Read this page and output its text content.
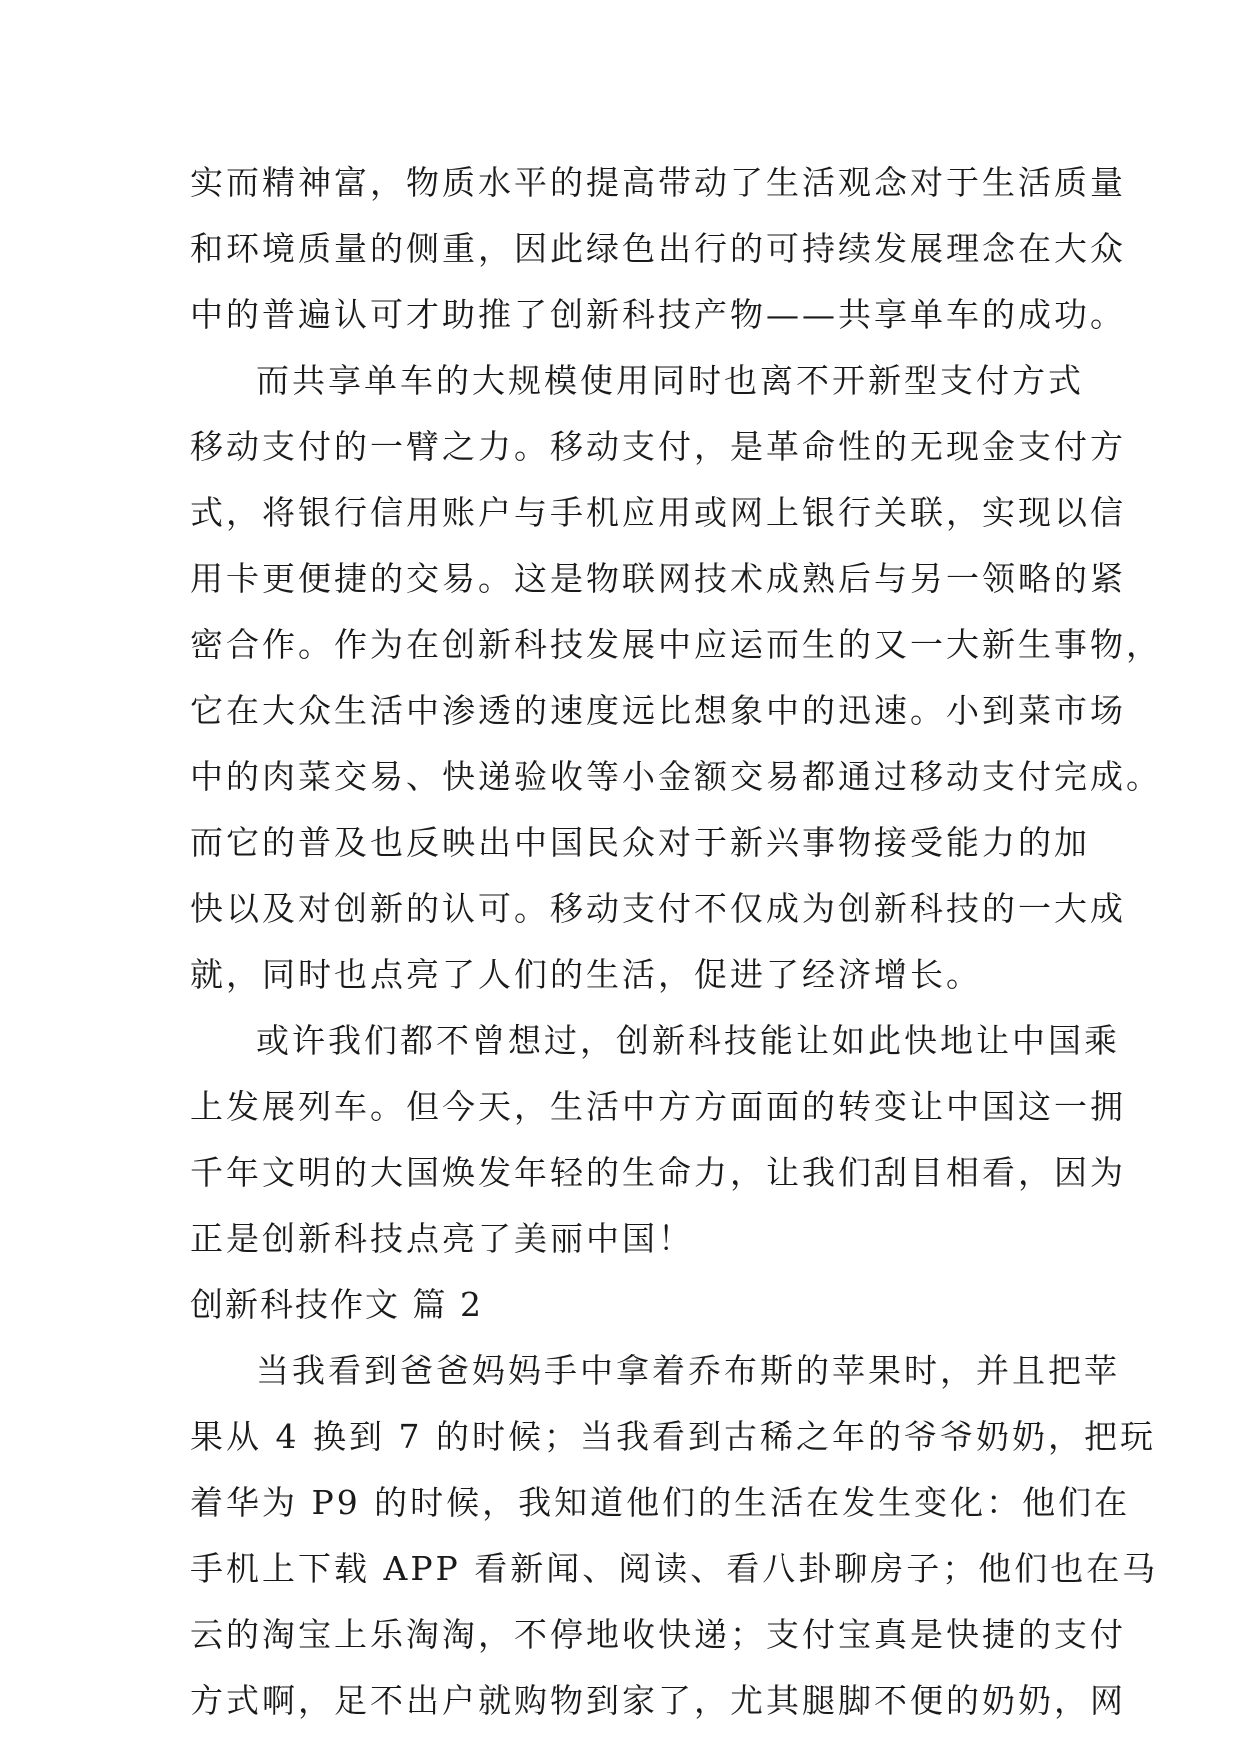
实而精神富，物质水平的提高带动了生活观念对于生活质量
和环境质量的侧重，因此绿色出行的可持续发展理念在大众
中的普遍认可才助推了创新科技产物——共享单车的成功。
而共享单车的大规模使用同时也离不开新型支付方式
移动支付的一臂之力。移动支付，是革命性的无现金支付方
式，将银行信用账户与手机应用或网上银行关联，实现以信
用卡更便捷的交易。这是物联网技术成熟后与另一领略的紧
密合作。作为在创新科技发展中应运而生的又一大新生事物，
它在大众生活中渗透的速度远比想象中的迅速。小到菜市场
中的肉菜交易、快递验收等小金额交易都通过移动支付完成。
而它的普及也反映出中国民众对于新兴事物接受能力的加
快以及对创新的认可。移动支付不仅成为创新科技的一大成
就，同时也点亮了人们的生活，促进了经济增长。
或许我们都不曾想过，创新科技能让如此快地让中国乘
上发展列车。但今天，生活中方方面面的转变让中国这一拥
千年文明的大国焕发年轻的生命力，让我们刮目相看，因为
正是创新科技点亮了美丽中国！
创新科技作文 篇 2
当我看到爸爸妈妈手中拿着乔布斯的苹果时，并且把苹
果从 4 换到 7 的时候；当我看到古稀之年的爷爷奶奶，把玩
着华为 P9 的时候，我知道他们的生活在发生变化：他们在
手机上下载 APP 看新闻、阅读、看八卦聊房子；他们也在马
云的淘宝上乐淘淘，不停地收快递；支付宝真是快捷的支付
方式啊，足不出户就购物到家了，尤其腿脚不便的奶奶，网
